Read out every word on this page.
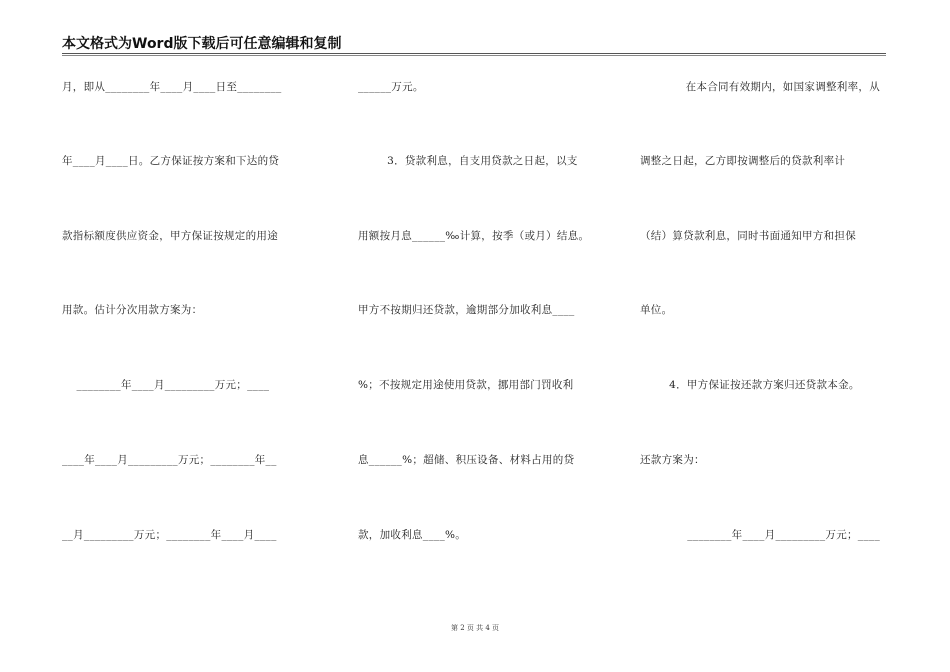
本文格式为Word版下载后可任意编辑和复制
月，即从________年____月____日至________
年____月____日。乙方保证按方案和下达的贷
款指标额度供应资金，甲方保证按规定的用途
用款。估计分次用款方案为：
________年____月_________万元；____
____年____月_________万元；________年__
__月_________万元；________年____月____
______万元。
3．贷款利息，自支用贷款之日起，以支
用额按月息______‰计算，按季（或月）结息。
甲方不按期归还贷款，逾期部分加收利息____
%；不按规定用途使用贷款，挪用部门罚收利
息______%；超储、积压设备、材料占用的贷
款，加收利息____%。
在本合同有效期内，如国家调整利率，从
调整之日起，乙方即按调整后的贷款利率计
（结）算贷款利息，同时书面通知甲方和担保
单位。
4．甲方保证按还款方案归还贷款本金。
还款方案为：
________年____月_________万元；____
第 2 页 共 4 页
